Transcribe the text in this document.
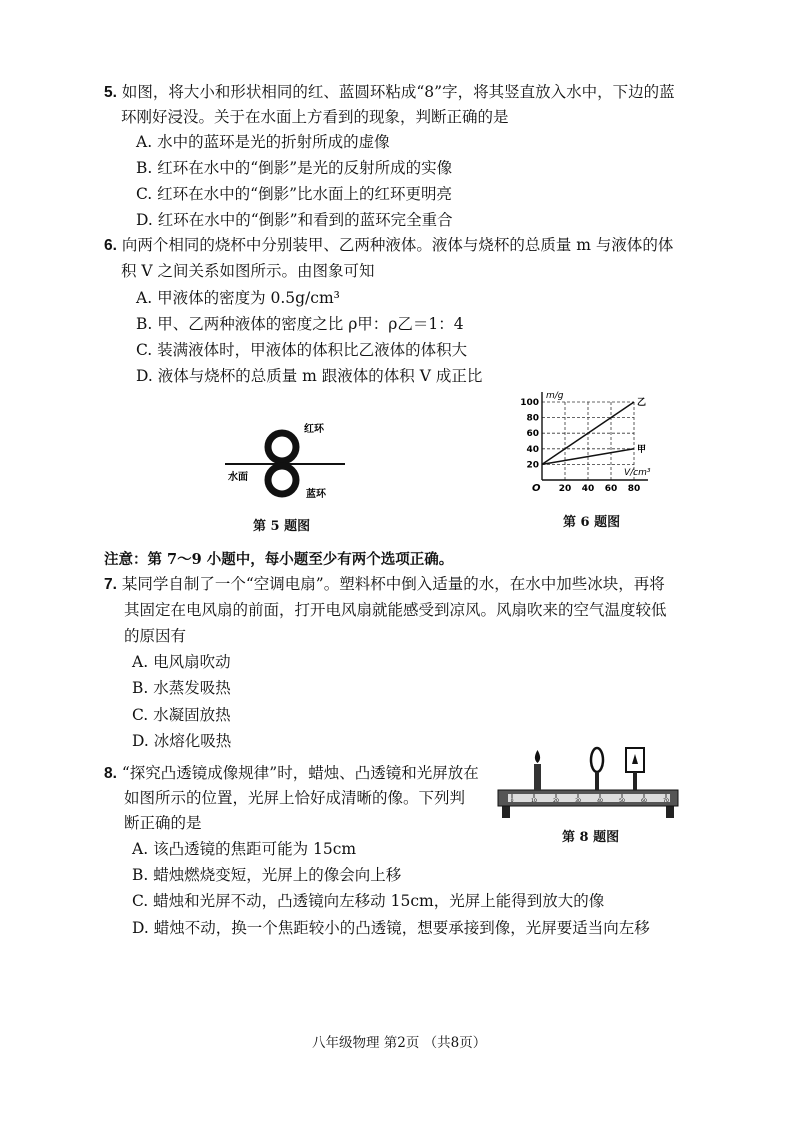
5. 如图，将大小和形状相同的红、蓝圆环粘成“8”字，将其竖直放入水中，下边的蓝
环刚好浸没。关于在水面上方看到的现象，判断正确的是
A. 水中的蓝环是光的折射所成的虚像
B. 红环在水中的“倒影”是光的反射所成的实像
C. 红环在水中的“倒影”比水面上的红环更明亮
D. 红环在水中的“倒影”和看到的蓝环完全重合
6. 向两个相同的烧杯中分别装甲、乙两种液体。液体与烧杯的总质量 m 与液体的体
积 V 之间关系如图所示。由图象可知
A. 甲液体的密度为 0.5g/cm³
B. 甲、乙两种液体的密度之比 ρ甲：ρ乙＝1：4
C. 装满液体时，甲液体的体积比乙液体的体积大
D. 液体与烧杯的总质量 m 跟液体的体积 V 成正比
红环
水面
蓝环
第 5 题图
20 40 60 80
20
40
60
80
100	乙
甲
m/g
V/cm³
O
第 6 题图
注意：第 7～9 小题中，每小题至少有两个选项正确。
7. 某同学自制了一个“空调电扇”。塑料杯中倒入适量的水，在水中加些冰块，再将
其固定在电风扇的前面，打开电风扇就能感受到凉风。风扇吹来的空气温度较低
的原因有
A. 电风扇吹动
B. 水蒸发吸热
C. 水凝固放热
D. 冰熔化吸热
8. “探究凸透镜成像规律”时，蜡烛、凸透镜和光屏放在
如图所示的位置，光屏上恰好成清晰的像。下列判
断正确的是
A. 该凸透镜的焦距可能为 15cm
B. 蜡烛燃烧变短，光屏上的像会向上移
C. 蜡烛和光屏不动，凸透镜向左移动 15cm，光屏上能得到放大的像
D. 蜡烛不动，换一个焦距较小的凸透镜，想要承接到像，光屏要适当向左移
0	10	20	30	40	50	60	70
第 8 题图
八年级物理 第2页 （共8页）
